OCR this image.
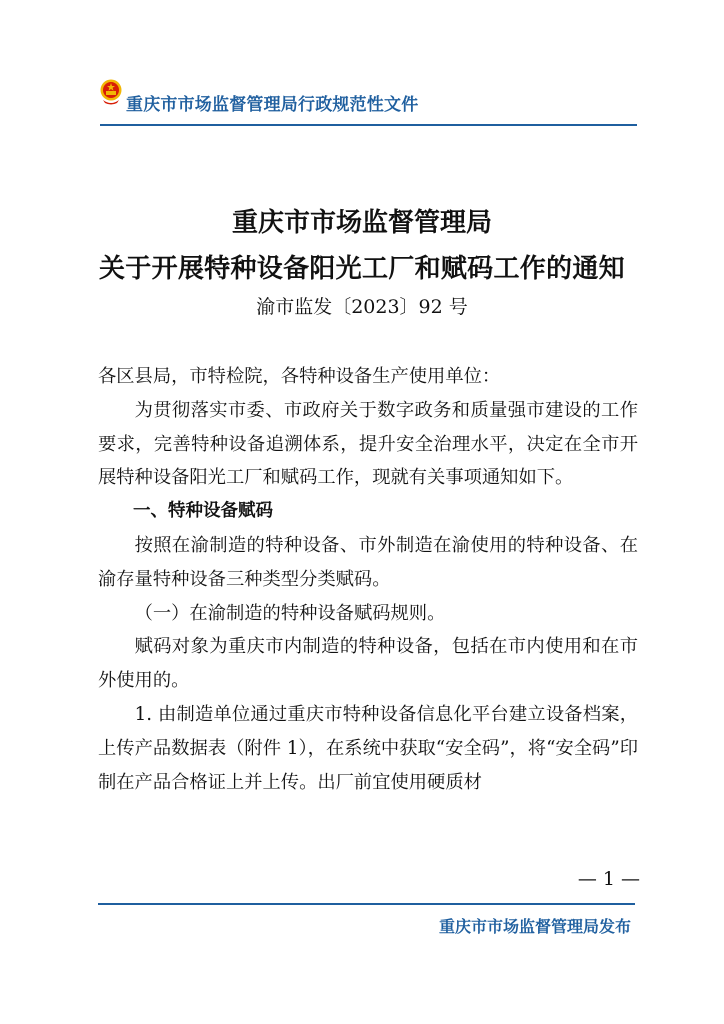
重庆市市场监督管理局行政规范性文件
重庆市市场监督管理局
关于开展特种设备阳光工厂和赋码工作的通知
渝市监发〔2023〕92 号

各区县局，市特检院，各特种设备生产使用单位：

为贯彻落实市委、市政府关于数字政务和质量强市建设的工作要求，完善特种设备追溯体系，提升安全治理水平，决定在全市开展特种设备阳光工厂和赋码工作，现就有关事项通知如下。

一、特种设备赋码

按照在渝制造的特种设备、市外制造在渝使用的特种设备、在渝存量特种设备三种类型分类赋码。

（一）在渝制造的特种设备赋码规则。

赋码对象为重庆市内制造的特种设备，包括在市内使用和在市外使用的。

1. 由制造单位通过重庆市特种设备信息化平台建立设备档案，上传产品数据表（附件 1），在系统中获取“安全码”，将“安全码”印制在产品合格证上并上传。出厂前宜使用硬质材

— 1 —
重庆市市场监督管理局发布
